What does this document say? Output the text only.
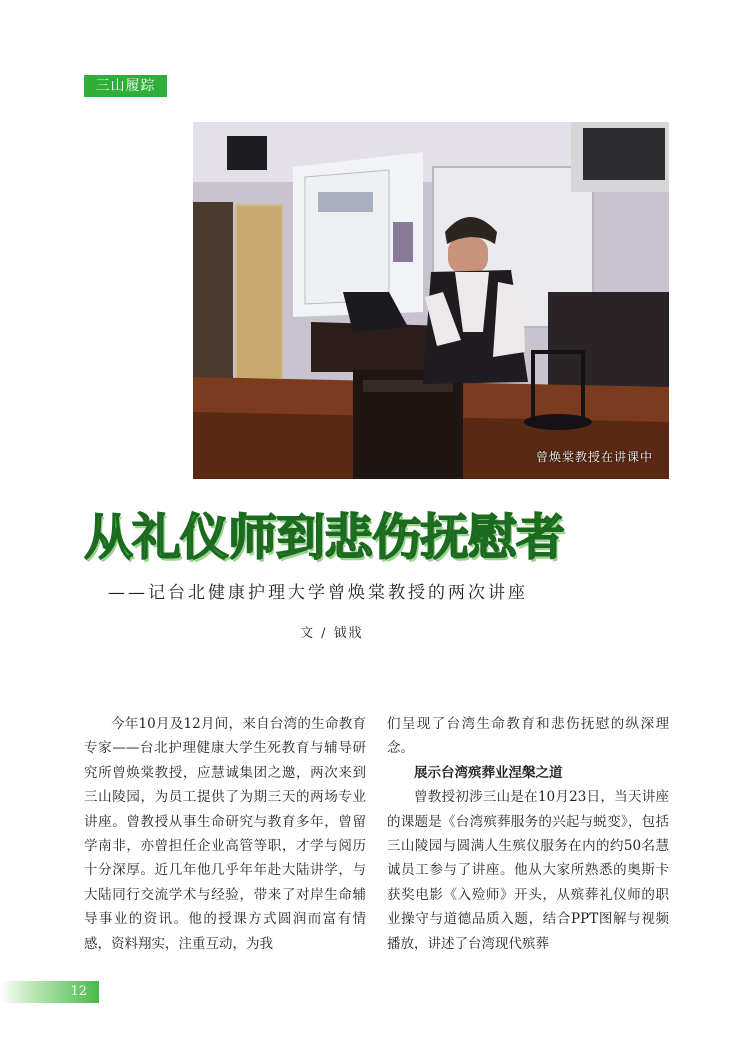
三山履踪
曾焕棠教授在讲课中
从礼仪师到悲伤抚慰者
——记台北健康护理大学曾焕棠教授的两次讲座
文 / 钺戕

今年10月及12月间，来自台湾的生命教育专家——台北护理健康大学生死教育与辅导研究所曾焕棠教授，应慧诚集团之邀，两次来到三山陵园，为员工提供了为期三天的两场专业讲座。曾教授从事生命研究与教育多年，曾留学南非，亦曾担任企业高管等职，才学与阅历十分深厚。近几年他几乎年年赴大陆讲学，与大陆同行交流学术与经验，带来了对岸生命辅导事业的资讯。他的授课方式圆润而富有情感，资料翔实，注重互动，为我

们呈现了台湾生命教育和悲伤抚慰的纵深理念。

展示台湾殡葬业涅槃之道

曾教授初涉三山是在10月23日，当天讲座的课题是《台湾殡葬服务的兴起与蜕变》，包括三山陵园与圆满人生殡仪服务在内的约50名慧诚员工参与了讲座。他从大家所熟悉的奥斯卡获奖电影《入殓师》开头，从殡葬礼仪师的职业操守与道德品质入题，结合PPT图解与视频播放，讲述了台湾现代殡葬

12
